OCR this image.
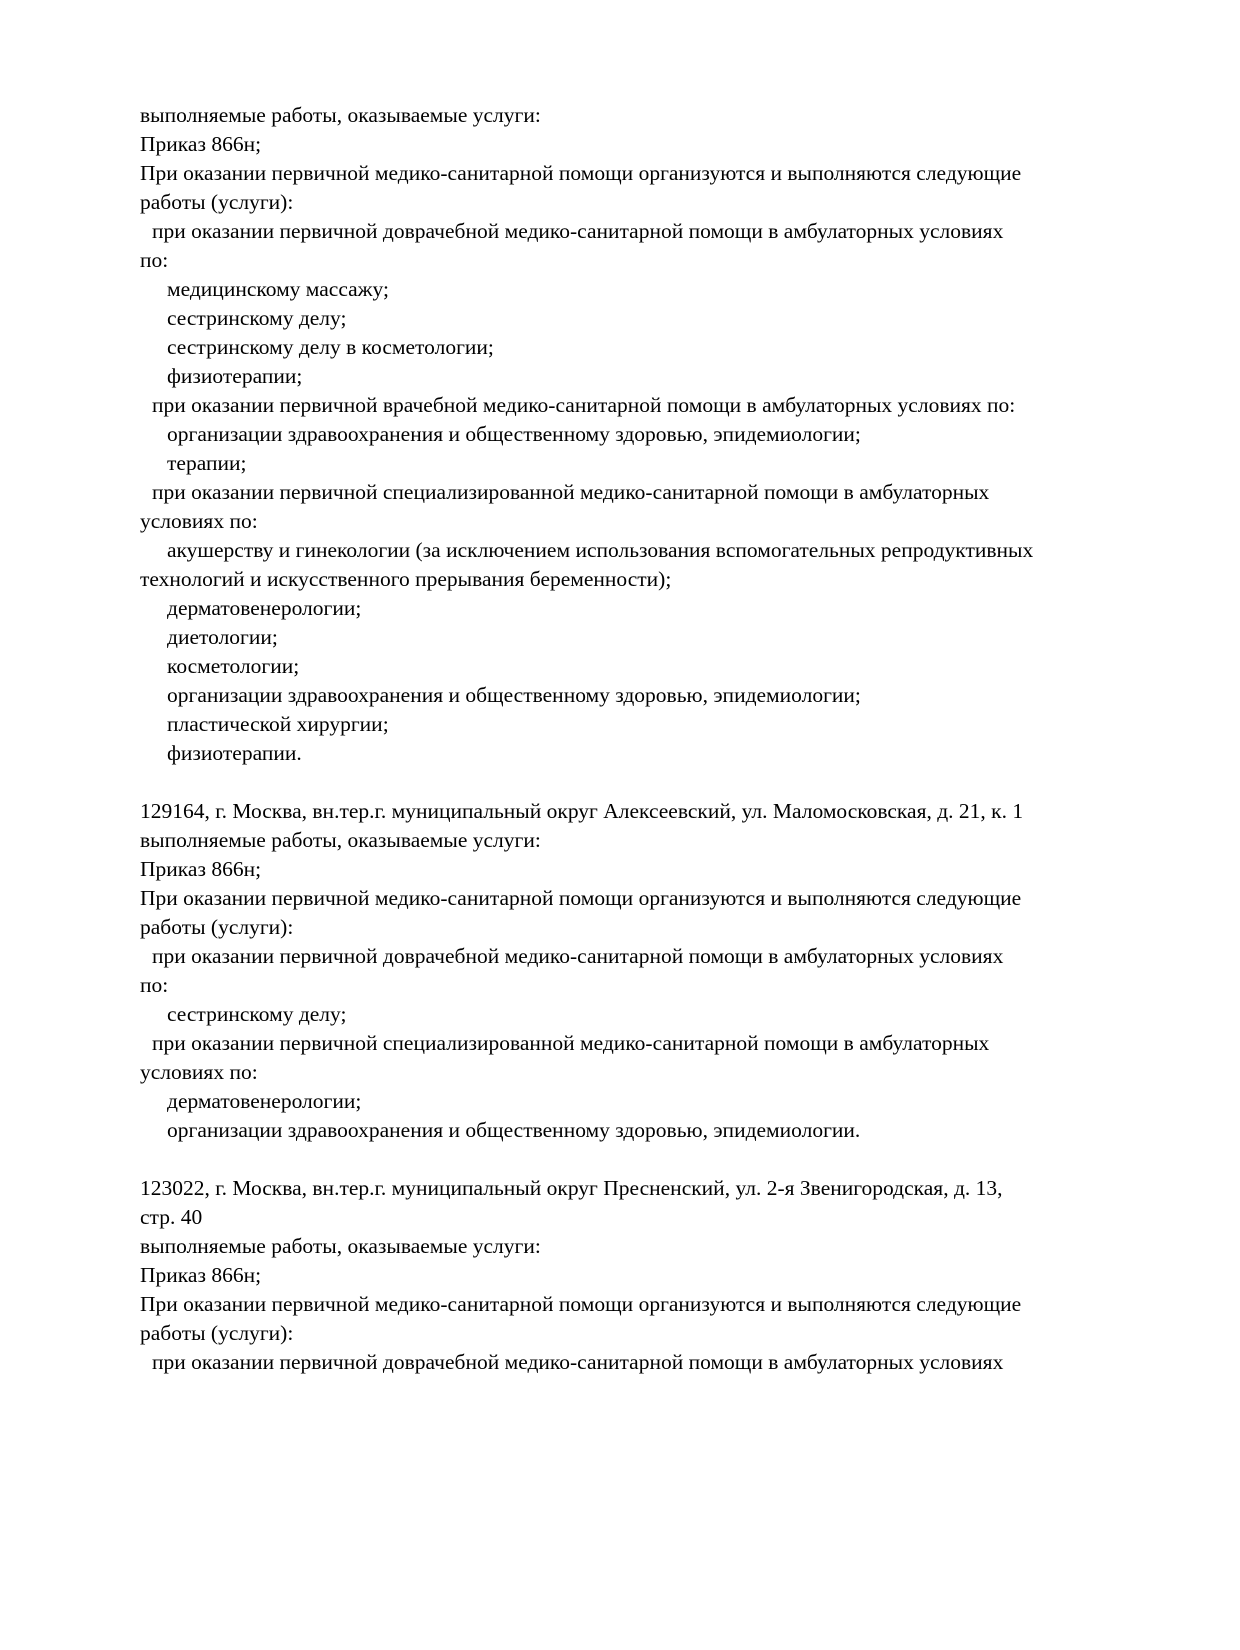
выполняемые работы, оказываемые услуги:
Приказ 866н;
При оказании первичной медико-санитарной помощи организуются и выполняются следующие
работы (услуги):
при оказании первичной доврачебной медико-санитарной помощи в амбулаторных условиях
по:
медицинскому массажу;
сестринскому делу;
сестринскому делу в косметологии;
физиотерапии;
при оказании первичной врачебной медико-санитарной помощи в амбулаторных условиях по:
организации здравоохранения и общественному здоровью, эпидемиологии;
терапии;
при оказании первичной специализированной медико-санитарной помощи в амбулаторных
условиях по:
акушерству и гинекологии (за исключением использования вспомогательных репродуктивных
технологий и искусственного прерывания беременности);
дерматовенерологии;
диетологии;
косметологии;
организации здравоохранения и общественному здоровью, эпидемиологии;
пластической хирургии;
физиотерапии.

129164, г. Москва, вн.тер.г. муниципальный округ Алексеевский, ул. Маломосковская, д. 21, к. 1
выполняемые работы, оказываемые услуги:
Приказ 866н;
При оказании первичной медико-санитарной помощи организуются и выполняются следующие
работы (услуги):
при оказании первичной доврачебной медико-санитарной помощи в амбулаторных условиях
по:
сестринскому делу;
при оказании первичной специализированной медико-санитарной помощи в амбулаторных
условиях по:
дерматовенерологии;
организации здравоохранения и общественному здоровью, эпидемиологии.

123022, г. Москва, вн.тер.г. муниципальный округ Пресненский, ул. 2-я Звенигородская, д. 13,
стр. 40
выполняемые работы, оказываемые услуги:
Приказ 866н;
При оказании первичной медико-санитарной помощи организуются и выполняются следующие
работы (услуги):
при оказании первичной доврачебной медико-санитарной помощи в амбулаторных условиях
